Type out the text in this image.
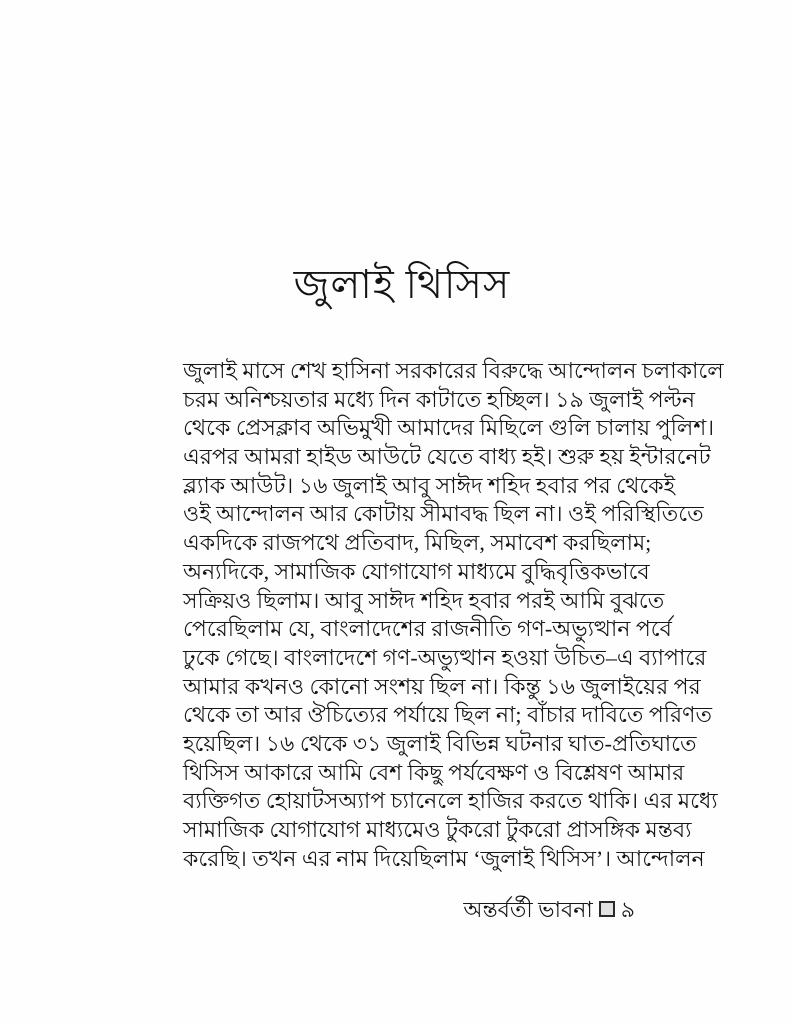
জুলাই থিসিস
জুলাই মাসে শেখ হাসিনা সরকারের বিরুদ্ধে আন্দোলন চলাকালে
চরম অনিশ্চয়তার মধ্যে দিন কাটাতে হচ্ছিল। ১৯ জুলাই পল্টন
থেকে প্রেসক্লাব অভিমুখী আমাদের মিছিলে গুলি চালায় পুলিশ।
এরপর আমরা হাইড আউটে যেতে বাধ্য হই। শুরু হয় ইন্টারনেট
ব্ল্যাক আউট। ১৬ জুলাই আবু সাঈদ শহিদ হবার পর থেকেই
ওই আন্দোলন আর কোটায় সীমাবদ্ধ ছিল না। ওই পরিস্থিতিতে
একদিকে রাজপথে প্রতিবাদ, মিছিল, সমাবেশ করছিলাম;
অন্যদিকে, সামাজিক যোগাযোগ মাধ্যমে বুদ্ধিবৃত্তিকভাবে
সক্রিয়ও ছিলাম। আবু সাঈদ শহিদ হবার পরই আমি বুঝতে
পেরেছিলাম যে, বাংলাদেশের রাজনীতি গণ-অভ্যুত্থান পর্বে
ঢুকে গেছে। বাংলাদেশে গণ-অভ্যুত্থান হওয়া উচিত–এ ব্যাপারে
আমার কখনও কোনো সংশয় ছিল না। কিন্তু ১৬ জুলাইয়ের পর
থেকে তা আর ঔচিত্যের পর্যায়ে ছিল না; বাঁচার দাবিতে পরিণত
হয়েছিল। ১৬ থেকে ৩১ জুলাই বিভিন্ন ঘটনার ঘাত-প্রতিঘাতে
থিসিস আকারে আমি বেশ কিছু পর্যবেক্ষণ ও বিশ্লেষণ আমার
ব্যক্তিগত হোয়াটসঅ্যাপ চ্যানেলে হাজির করতে থাকি। এর মধ্যে
সামাজিক যোগাযোগ মাধ্যমেও টুকরো টুকরো প্রাসঙ্গিক মন্তব্য
করেছি। তখন এর নাম দিয়েছিলাম ‘জুলাই থিসিস’। আন্দোলন
অন্তর্বর্তী ভাবনা ৯
